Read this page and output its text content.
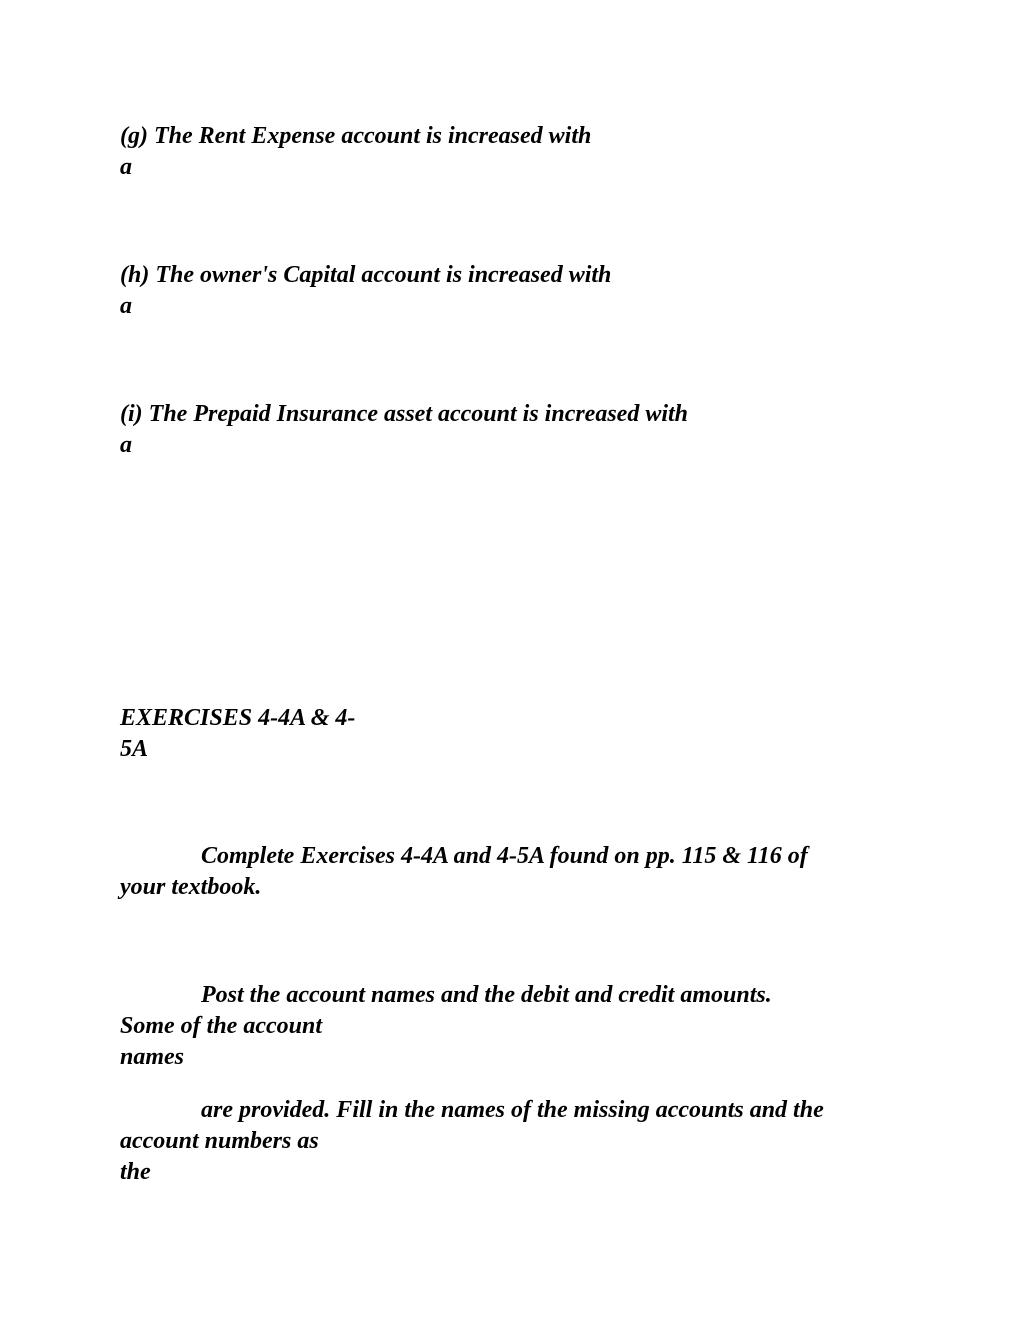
(g) The Rent Expense account is increased with

a

(h) The owner's Capital account is increased with

a

(i) The Prepaid Insurance asset account is increased with

a

EXERCISES 4-4A & 4-

5A

Complete Exercises 4-4A and 4-5A found on pp. 115 & 116 of

your textbook.

Post the account names and the debit and credit amounts.

Some of the account

names

are provided. Fill in the names of the missing accounts and the

account numbers as

the
